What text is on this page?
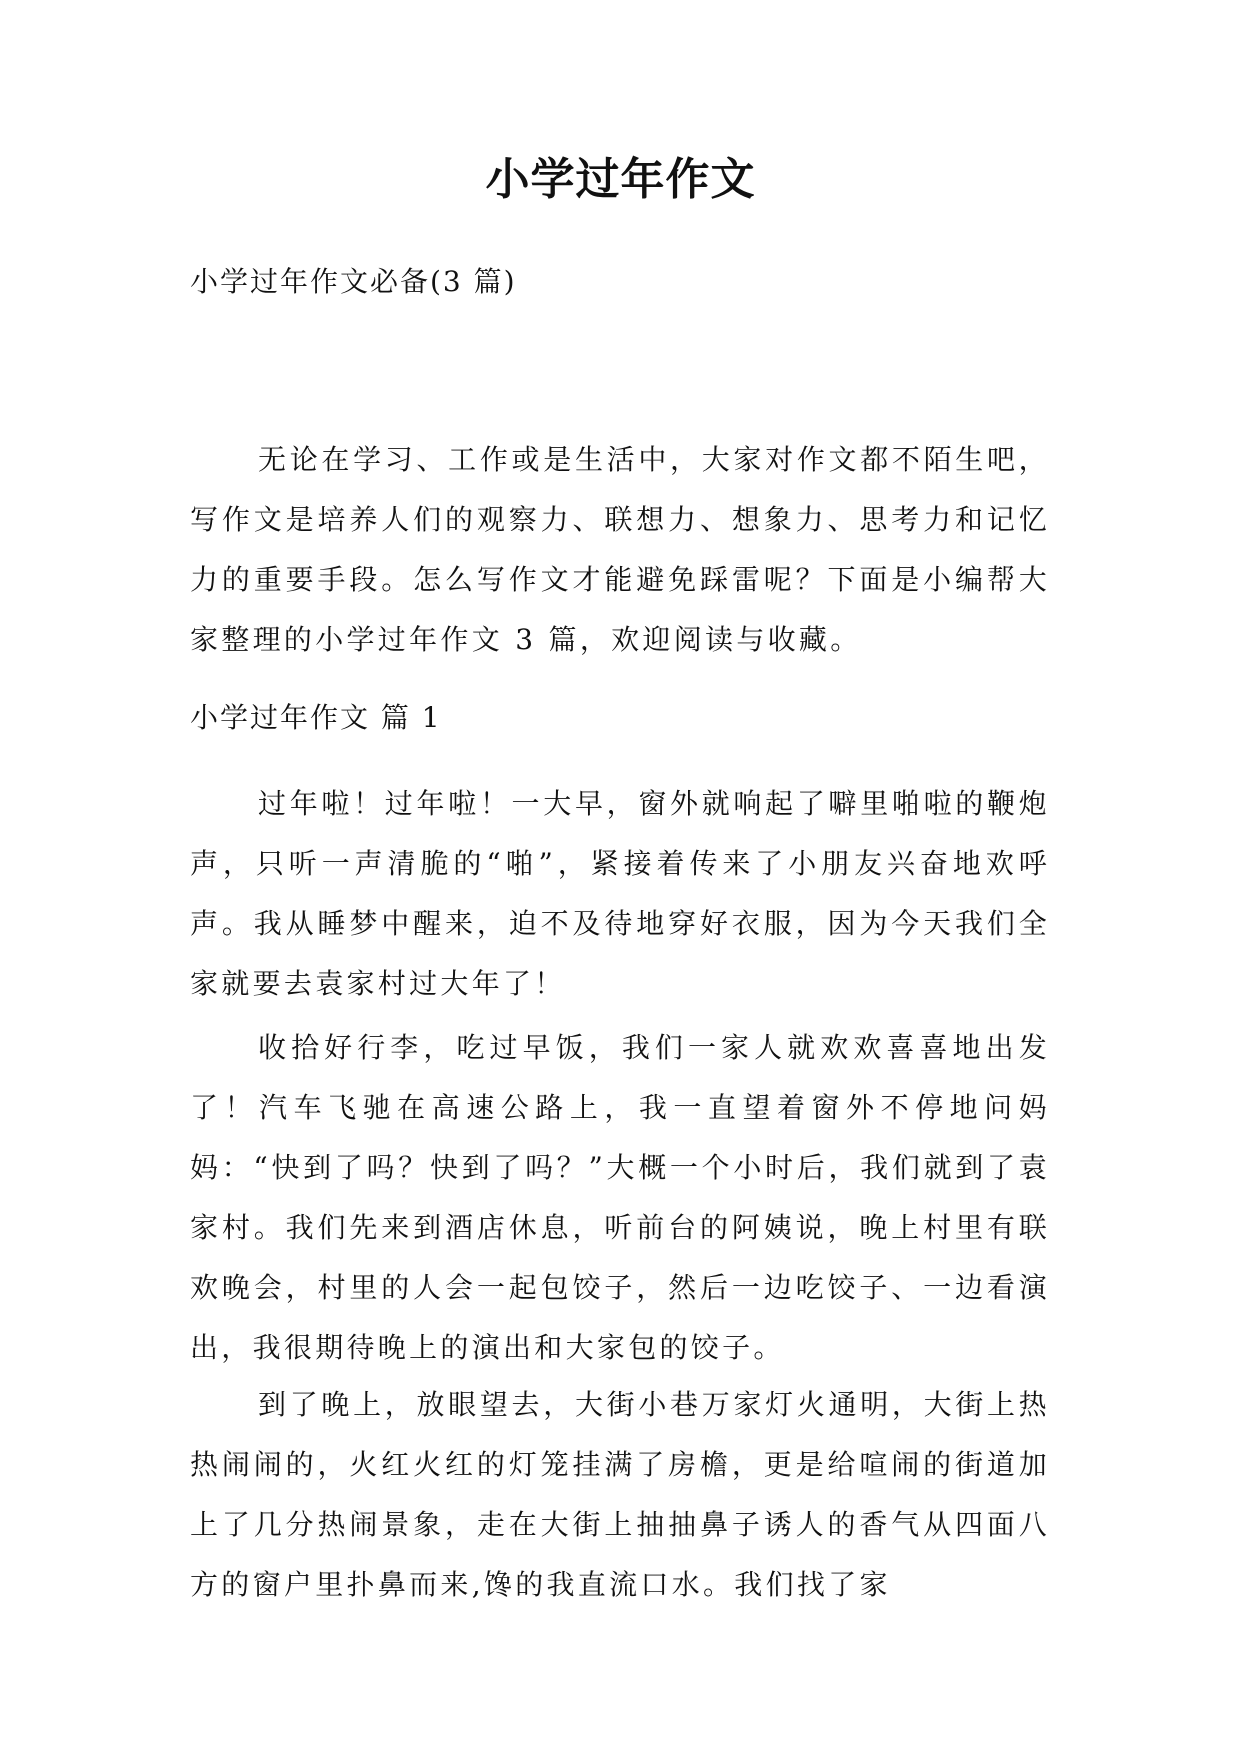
小学过年作文
小学过年作文必备(3 篇)

无论在学习、工作或是生活中，大家对作文都不陌生吧，写作文是培养人们的观察力、联想力、想象力、思考力和记忆力的重要手段。怎么写作文才能避免踩雷呢？下面是小编帮大家整理的小学过年作文 3 篇，欢迎阅读与收藏。

小学过年作文 篇 1

过年啦！过年啦！一大早，窗外就响起了噼里啪啦的鞭炮声，只听一声清脆的“啪”，紧接着传来了小朋友兴奋地欢呼声。我从睡梦中醒来，迫不及待地穿好衣服，因为今天我们全家就要去袁家村过大年了！

收拾好行李，吃过早饭，我们一家人就欢欢喜喜地出发了！汽车飞驰在高速公路上，我一直望着窗外不停地问妈妈：“快到了吗？快到了吗？”大概一个小时后，我们就到了袁家村。我们先来到酒店休息，听前台的阿姨说，晚上村里有联欢晚会，村里的人会一起包饺子，然后一边吃饺子、一边看演出，我很期待晚上的演出和大家包的饺子。

到了晚上，放眼望去，大街小巷万家灯火通明，大街上热热闹闹的，火红火红的灯笼挂满了房檐，更是给喧闹的街道加上了几分热闹景象，走在大街上抽抽鼻子诱人的香气从四面八方的窗户里扑鼻而来,馋的我直流口水。我们找了家
